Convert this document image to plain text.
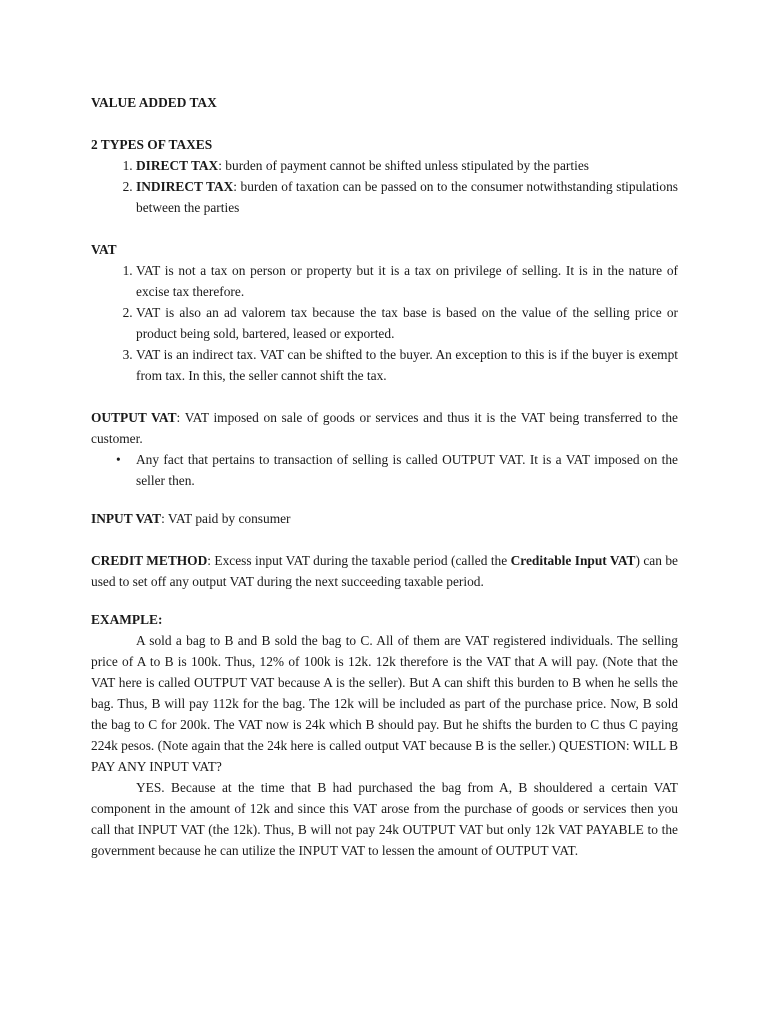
VALUE ADDED TAX

2 TYPES OF TAXES

1. DIRECT TAX: burden of payment cannot be shifted unless stipulated by the parties
2. INDIRECT TAX: burden of taxation can be passed on to the consumer notwithstanding stipulations between the parties

VAT

1. VAT is not a tax on person or property but it is a tax on privilege of selling. It is in the nature of excise tax therefore.
2. VAT is also an ad valorem tax because the tax base is based on the value of the selling price or product being sold, bartered, leased or exported.
3. VAT is an indirect tax. VAT can be shifted to the buyer. An exception to this is if the buyer is exempt from tax. In this, the seller cannot shift the tax.

OUTPUT VAT: VAT imposed on sale of goods or services and thus it is the VAT being transferred to the customer.

• Any fact that pertains to transaction of selling is called OUTPUT VAT. It is a VAT imposed on the seller then.

INPUT VAT: VAT paid by consumer

CREDIT METHOD: Excess input VAT during the taxable period (called the Creditable Input VAT) can be used to set off any output VAT during the next succeeding taxable period.

EXAMPLE:

A sold a bag to B and B sold the bag to C. All of them are VAT registered individuals. The selling price of A to B is 100k. Thus, 12% of 100k is 12k. 12k therefore is the VAT that A will pay. (Note that the VAT here is called OUTPUT VAT because A is the seller). But A can shift this burden to B when he sells the bag. Thus, B will pay 112k for the bag. The 12k will be included as part of the purchase price. Now, B sold the bag to C for 200k. The VAT now is 24k which B should pay. But he shifts the burden to C thus C paying 224k pesos. (Note again that the 24k here is called output VAT because B is the seller.) QUESTION: WILL B PAY ANY INPUT VAT?

YES. Because at the time that B had purchased the bag from A, B shouldered a certain VAT component in the amount of 12k and since this VAT arose from the purchase of goods or services then you call that INPUT VAT (the 12k). Thus, B will not pay 24k OUTPUT VAT but only 12k VAT PAYABLE to the government because he can utilize the INPUT VAT to lessen the amount of OUTPUT VAT.
